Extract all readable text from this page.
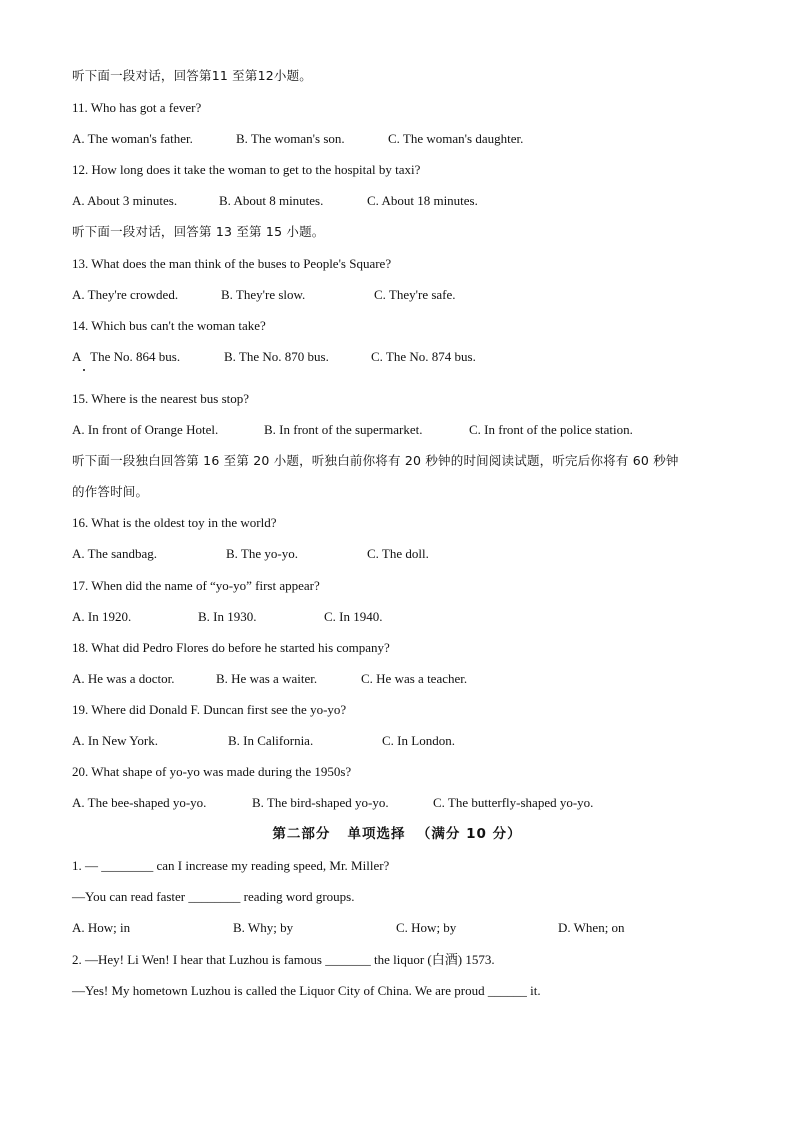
听下面一段对话，回答第11 至第12小题。
11. Who has got a fever?
A. The woman's father.	B. The woman's son.	C. The woman's daughter.
12. How long does it take the woman to get to the hospital by taxi?
A. About 3 minutes.	B. About 8 minutes.	C. About 18 minutes.
听下面一段对话，回答第 13 至第 15 小题。
13. What does the man think of the buses to People's Square?
A. They're crowded.	B. They're slow.	C. They're safe.
14. Which bus can't the woman take?
A   The No. 864 bus.	B. The No. 870 bus.	C. The No. 874 bus.
15. Where is the nearest bus stop?
A. In front of Orange Hotel.	B. In front of the supermarket.	C. In front of the police station.
听下面一段独白回答第 16 至第 20 小题，听独白前你将有 20 秒钟的时间阅读试题，听完后你将有 60 秒钟
的作答时间。
16. What is the oldest toy in the world?
A. The sandbag.	B. The yo-yo.	C. The doll.
17. When did the name of “yo-yo” first appear?
A. In 1920.	B. In 1930.	C. In 1940.
18. What did Pedro Flores do before he started his company?
A. He was a doctor.	B. He was a waiter.	C. He was a teacher.
19. Where did Donald F. Duncan first see the yo-yo?
A. In New York.	B. In California.	C. In London.
20. What shape of yo-yo was made during the 1950s?
A. The bee-shaped yo-yo.	B. The bird-shaped yo-yo.	C. The butterfly-shaped yo-yo.
第二部分   单项选择  （满分 10 分）
1. — ________ can I increase my reading speed, Mr. Miller?
—You can read faster ________ reading word groups.
A. How; in	B. Why; by	C. How; by	D. When; on
2. —Hey! Li Wen! I hear that Luzhou is famous _______ the liquor (白酒) 1573.
—Yes! My hometown Luzhou is called the Liquor City of China. We are proud ______ it.
